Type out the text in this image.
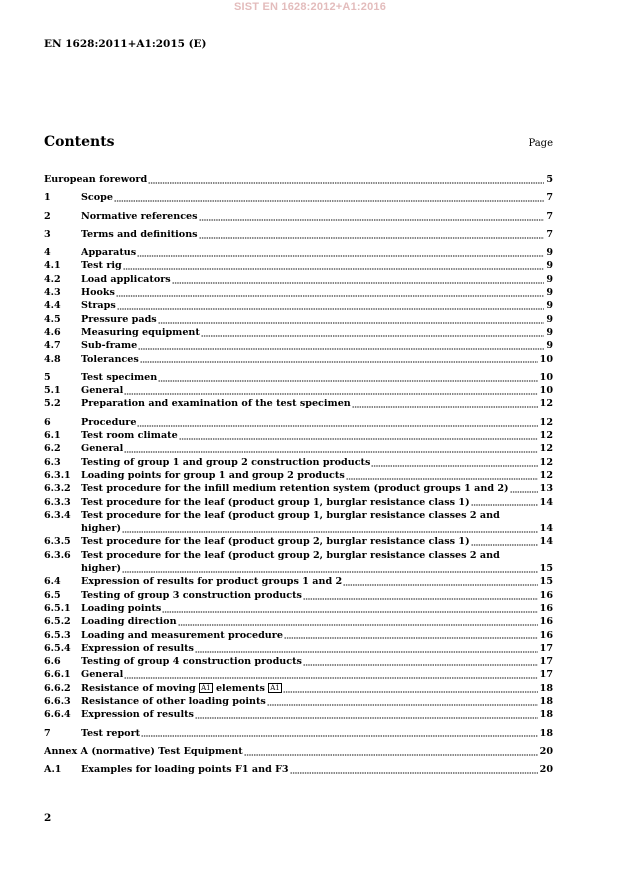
SIST EN 1628:2012+A1:2016
EN 1628:2011+A1:2015 (E)
Contents	Page
European foreword	5
1	Scope	7
2	Normative references	7
3	Terms and definitions	7
4	Apparatus	9
4.1	Test rig	9
4.2	Load applicators	9
4.3	Hooks	9
4.4	Straps	9
4.5	Pressure pads	9
4.6	Measuring equipment	9
4.7	Sub-frame	9
4.8	Tolerances	10
5	Test specimen	10
5.1	General	10
5.2	Preparation and examination of the test specimen	12
6	Procedure	12
6.1	Test room climate	12
6.2	General	12
6.3	Testing of group 1 and group 2 construction products	12
6.3.1	Loading points for group 1 and group 2 products	12
6.3.2	Test procedure for the infill medium retention system (product groups 1 and 2)	13
6.3.3	Test procedure for the leaf (product group 1, burglar resistance class 1)	14
6.3.4	Test procedure for the leaf (product group 1, burglar resistance classes 2 and
higher)	14
6.3.5	Test procedure for the leaf (product group 2, burglar resistance class 1)	14
6.3.6	Test procedure for the leaf (product group 2, burglar resistance classes 2 and
higher)	15
6.4	Expression of results for product groups 1 and 2	15
6.5	Testing of group 3 construction products	16
6.5.1	Loading points	16
6.5.2	Loading direction	16
6.5.3	Loading and measurement procedure	16
6.5.4	Expression of results	17
6.6	Testing of group 4 construction products	17
6.6.1	General	17
6.6.2	Resistance of moving A1 elements A1	18
6.6.3	Resistance of other loading points	18
6.6.4	Expression of results	18
7	Test report	18
Annex A (normative) Test Equipment	20
A.1	Examples for loading points F1 and F3	20
2
